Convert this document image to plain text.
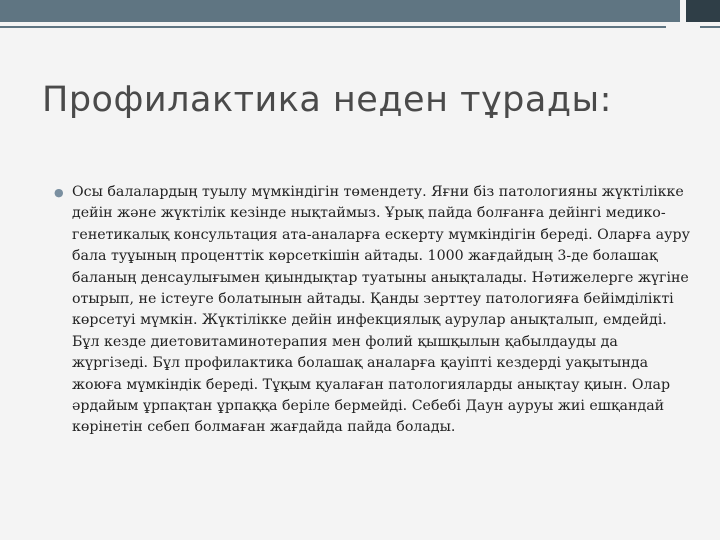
Профилактика неден тұрады:
● Осы балалардың туылу мүмкіндігін төмендету. Яғни біз патологияны жүктілікке дейін және жүктілік кезінде нықтаймыз. Ұрық пайда болғанға дейінгі медико-генетикалық консультация ата-аналарға ескерту мүмкіндігін береді. Оларға ауру бала туұының проценттік көрсеткішін айтады. 1000 жағдайдың 3-де болашақ баланың денсаулығымен қиындықтар туатыны анықталады. Нәтижелерге жүгіне отырып, не істеуге болатынын айтады. Қанды зерттеу патологияға бейімділікті көрсетуі мүмкін. Жүктілікке дейін инфекциялық аурулар анықталып, емдейді. Бұл кезде диетовитаминотерапия мен фолий қышқылын қабылдауды да жүргізеді. Бұл профилактика болашақ аналарға қауіпті кездерді уақытында жоюға мүмкіндік береді. Тұқым қуалаған патологияларды анықтау қиын. Олар әрдайым ұрпақтан ұрпаққа беріле бермейді. Себебі Даун ауруы жиі ешқандай көрінетін себеп болмаған жағдайда пайда болады.
